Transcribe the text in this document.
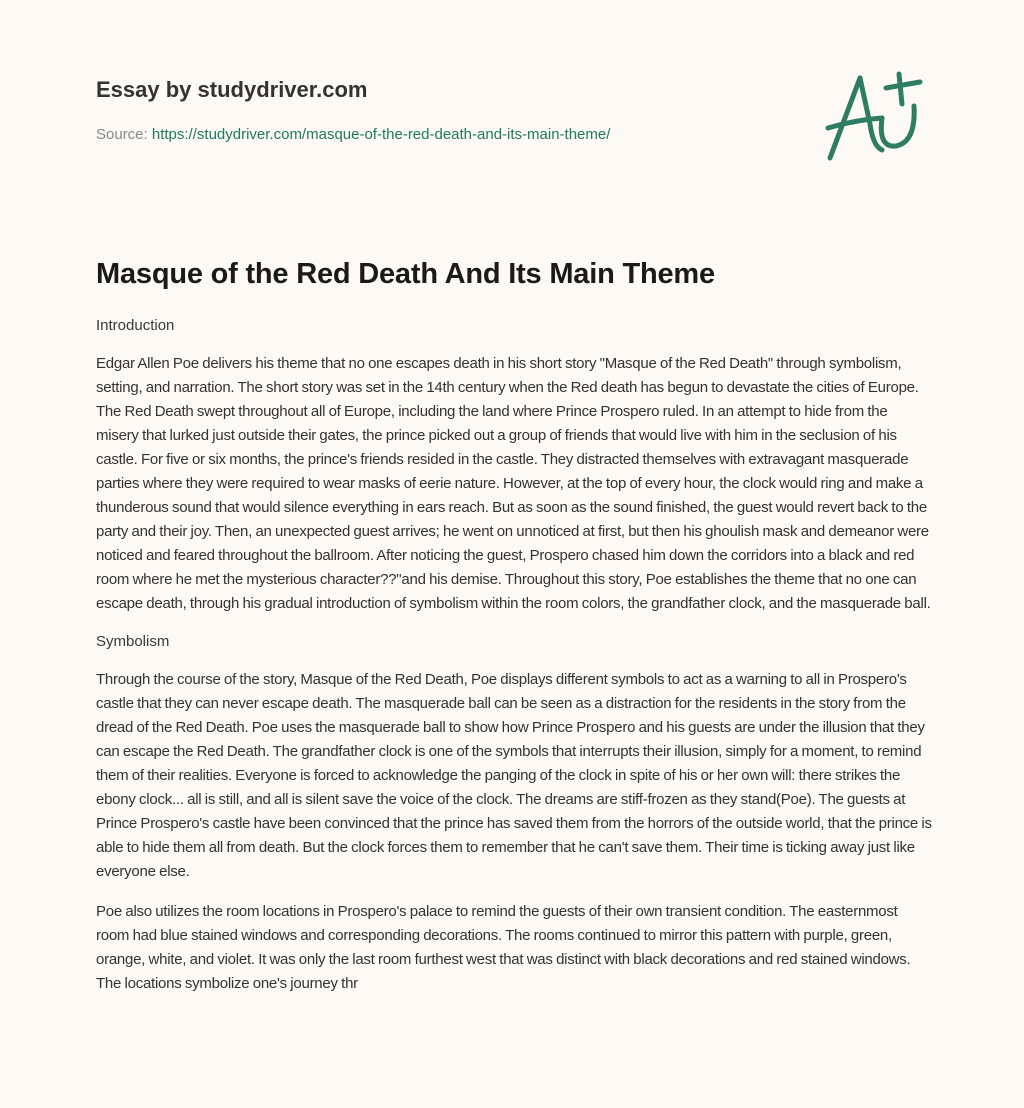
Essay by studydriver.com
Source: https://studydriver.com/masque-of-the-red-death-and-its-main-theme/
Masque of the Red Death And Its Main Theme

Introduction

Edgar Allen Poe delivers his theme that no one escapes death in his short story "Masque of the Red Death" through symbolism, setting, and narration. The short story was set in the 14th century when the Red death has begun to devastate the cities of Europe. The Red Death swept throughout all of Europe, including the land where Prince Prospero ruled. In an attempt to hide from the misery that lurked just outside their gates, the prince picked out a group of friends that would live with him in the seclusion of his castle. For five or six months, the prince's friends resided in the castle. They distracted themselves with extravagant masquerade parties where they were required to wear masks of eerie nature. However, at the top of every hour, the clock would ring and make a thunderous sound that would silence everything in ears reach. But as soon as the sound finished, the guest would revert back to the party and their joy. Then, an unexpected guest arrives; he went on unnoticed at first, but then his ghoulish mask and demeanor were noticed and feared throughout the ballroom. After noticing the guest, Prospero chased him down the corridors into a black and red room where he met the mysterious character??"and his demise. Throughout this story, Poe establishes the theme that no one can escape death, through his gradual introduction of symbolism within the room colors, the grandfather clock, and the masquerade ball.

Symbolism

Through the course of the story, Masque of the Red Death, Poe displays different symbols to act as a warning to all in Prospero's castle that they can never escape death. The masquerade ball can be seen as a distraction for the residents in the story from the dread of the Red Death. Poe uses the masquerade ball to show how Prince Prospero and his guests are under the illusion that they can escape the Red Death. The grandfather clock is one of the symbols that interrupts their illusion, simply for a moment, to remind them of their realities. Everyone is forced to acknowledge the panging of the clock in spite of his or her own will: there strikes the ebony clock... all is still, and all is silent save the voice of the clock. The dreams are stiff-frozen as they stand(Poe). The guests at Prince Prospero's castle have been convinced that the prince has saved them from the horrors of the outside world, that the prince is able to hide them all from death. But the clock forces them to remember that he can't save them. Their time is ticking away just like everyone else.

Poe also utilizes the room locations in Prospero's palace to remind the guests of their own transient condition. The easternmost room had blue stained windows and corresponding decorations. The rooms continued to mirror this pattern with purple, green, orange, white, and violet. It was only the last room furthest west that was distinct with black decorations and red stained windows. The locations symbolize one's journey thr
